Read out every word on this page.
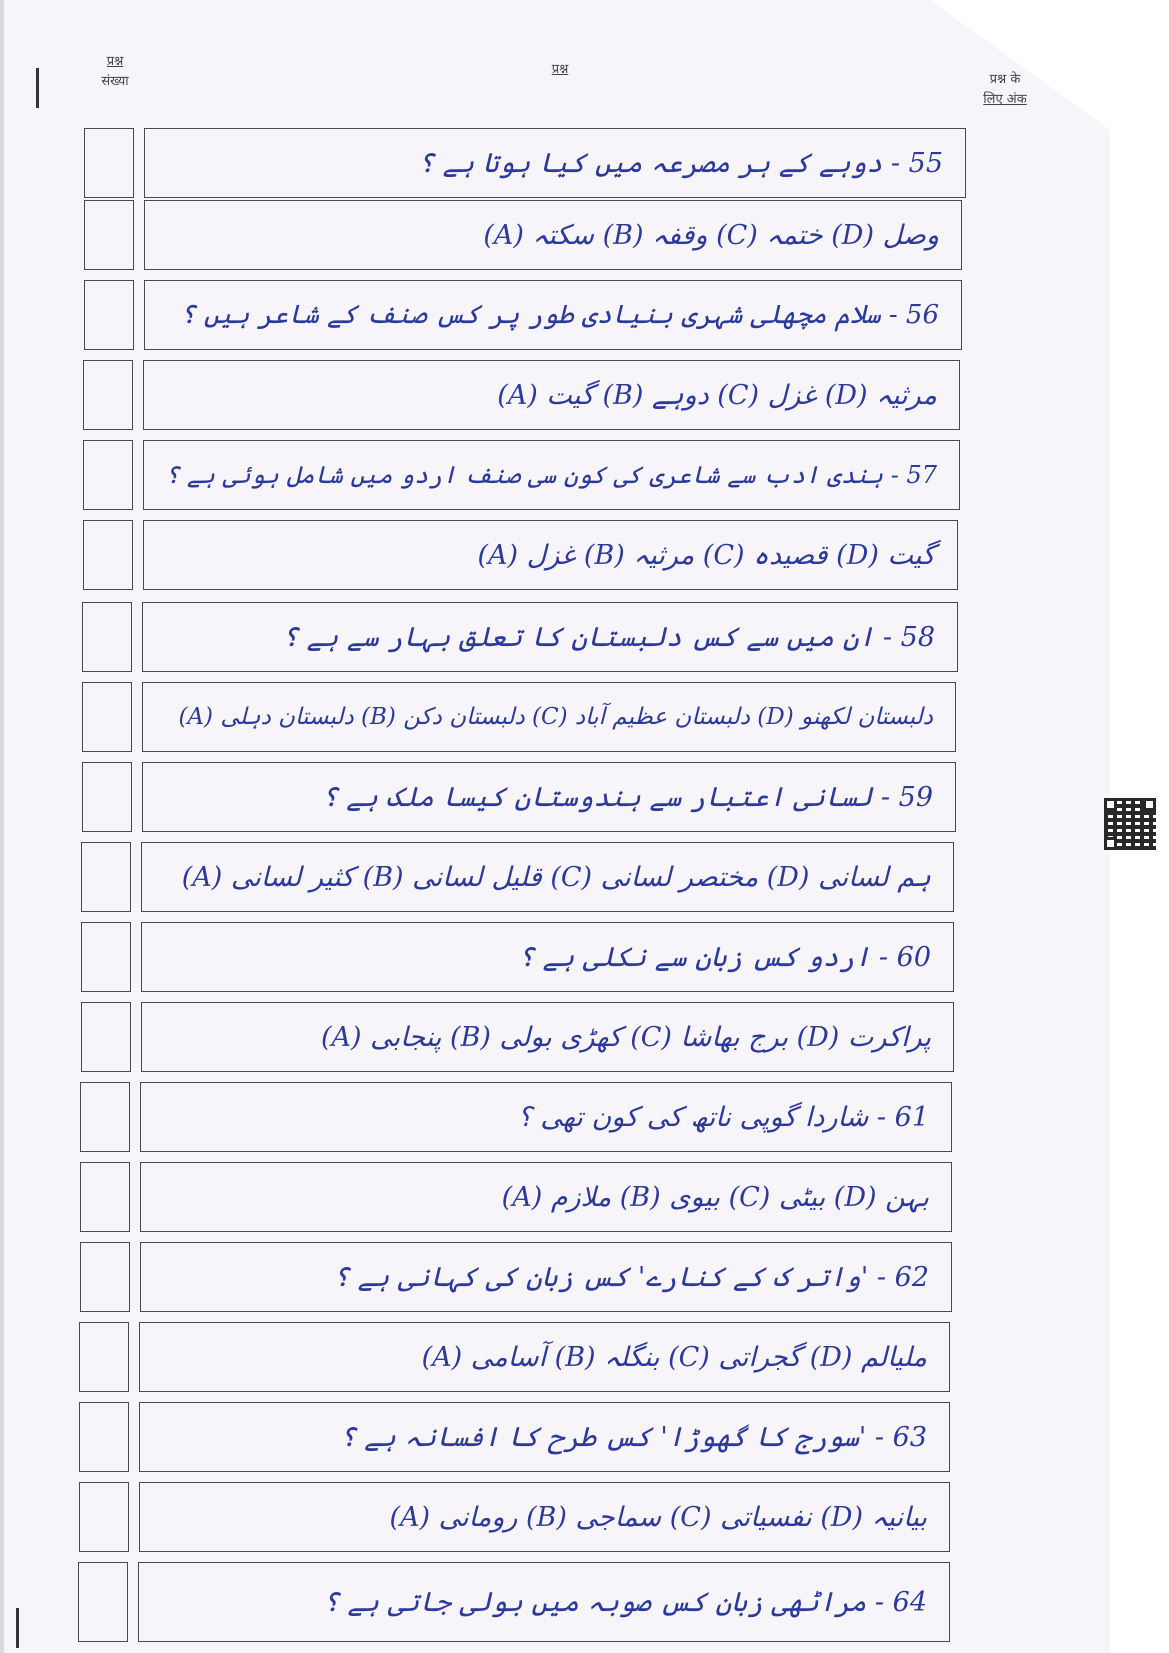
प्रश्न
संख्या
प्रश्न
प्रश्न के
लिए अंक
55 - دوہے کے ہر مصرعہ میں کیا ہوتا ہے ؟
(A) سکتہ (B) وقفہ (C) ختمہ (D) وصل
56 - سلام مچھلی شہری بنیادی طور پر کس صنف کے شاعر ہیں ؟
(A) گیت (B) دوہے (C) غزل (D) مرثیہ
57 - ہندی ادب سے شاعری کی کون سی صنف اردو میں شامل ہوئی ہے ؟
(A) غزل (B) مرثیہ (C) قصیدہ (D) گیت
58 - ان میں سے کس دلبستان کا تعلق بہار سے ہے ؟
(A) دلبستان دہلی (B) دلبستان دکن (C) دلبستان عظیم آباد (D) دلبستان لکھنو
59 - لسانی اعتبار سے ہندوستان کیسا ملک ہے ؟
(A) کثیر لسانی (B) قلیل لسانی (C) مختصر لسانی (D) ہم لسانی
60 - اردو کس زبان سے نکلی ہے ؟
(A) پنجابی (B) کھڑی بولی (C) برج بھاشا (D) پراکرت
61 - شاردا گوپی ناتھ کی کون تھی ؟
(A) ملازم (B) بیوی (C) بیٹی (D) بہن
62 - 'واتر ک کے کنارے' کس زبان کی کہانی ہے ؟
(A) آسامی (B) بنگلہ (C) گجراتی (D) ملیالم
63 - 'سورج کا گھوڑا' کس طرح کا افسانہ ہے ؟
(A) رومانی (B) سماجی (C) نفسیاتی (D) بیانیہ
64 - مراٹھی زبان کس صوبہ میں بولی جاتی ہے ؟
